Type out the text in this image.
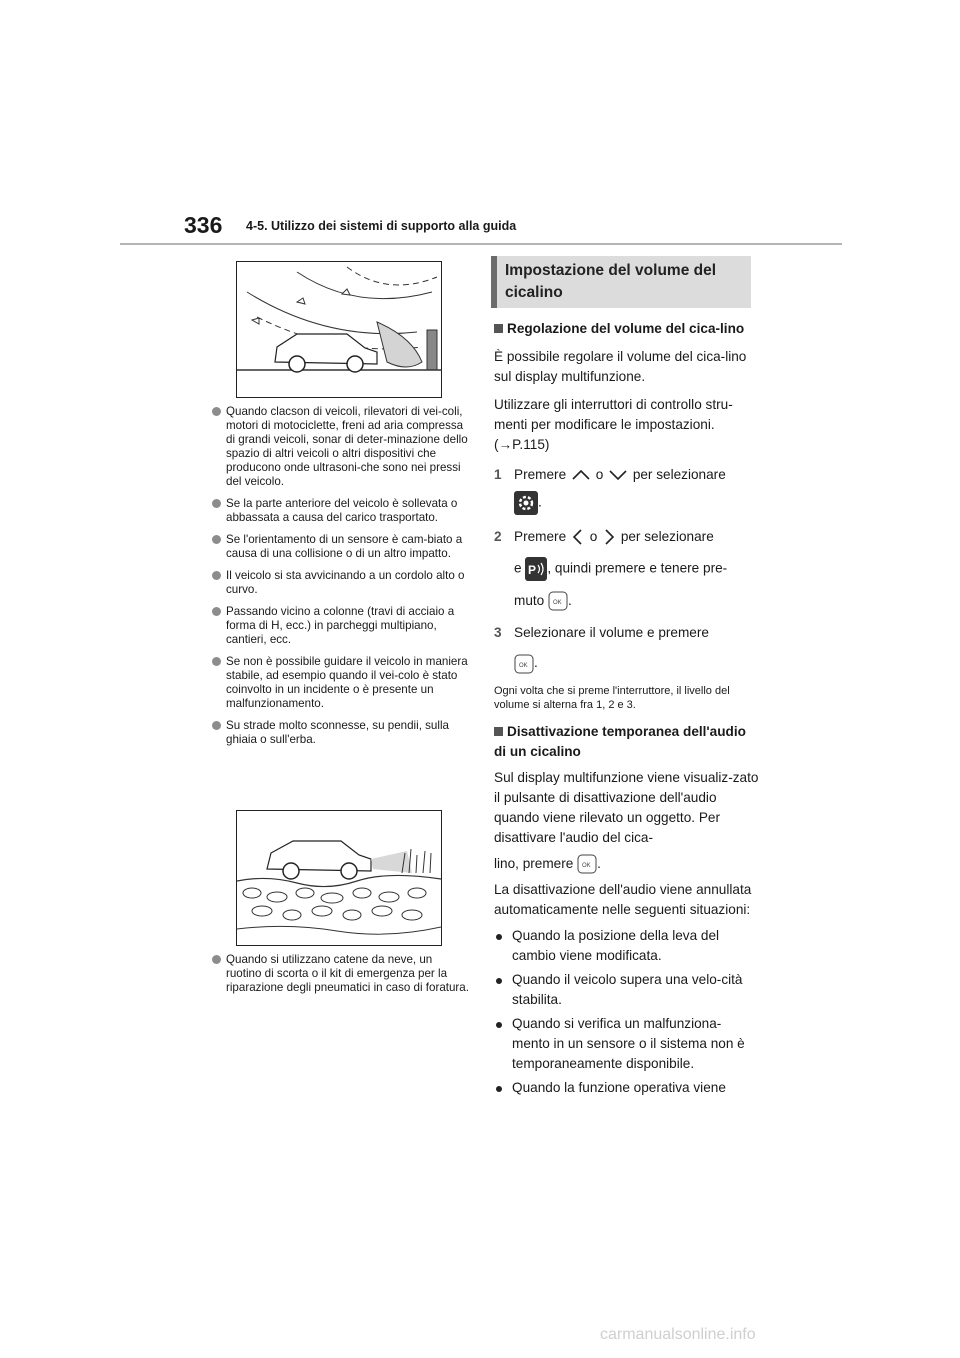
336 4-5. Utilizzo dei sistemi di supporto alla guida
Quando clacson di veicoli, rilevatori di vei-coli, motori di motociclette, freni ad aria compressa di grandi veicoli, sonar di deter-minazione dello spazio di altri veicoli o altri dispositivi che producono onde ultrasoni-che sono nei pressi del veicolo.
Se la parte anteriore del veicolo è sollevata o abbassata a causa del carico trasportato.
Se l'orientamento di un sensore è cam-biato a causa di una collisione o di un altro impatto.
Il veicolo si sta avvicinando a un cordolo alto o curvo.
Passando vicino a colonne (travi di acciaio a forma di H, ecc.) in parcheggi multipiano, cantieri, ecc.
Se non è possibile guidare il veicolo in maniera stabile, ad esempio quando il vei-colo è stato coinvolto in un incidente o è presente un malfunzionamento.
Su strade molto sconnesse, su pendii, sulla ghiaia o sull'erba.
Quando si utilizzano catene da neve, un ruotino di scorta o il kit di emergenza per la riparazione degli pneumatici in caso di foratura.
Impostazione del volume del cicalino
Regolazione del volume del cica-lino

È possibile regolare il volume del cica-lino sul display multifunzione.

Utilizzare gli interruttori di controllo stru-menti per modificare le impostazioni. (→P.115)

1 Premere o per selezionare
.
2 Premere o per selezionare
e P , quindi premere e tenere pre-
muto OK .
3 Selezionare il volume e premere
OK .

Ogni volta che si preme l'interruttore, il livello del volume si alterna fra 1, 2 e 3.

Disattivazione temporanea dell'audio di un cicalino

Sul display multifunzione viene visualiz-zato il pulsante di disattivazione dell'audio quando viene rilevato un oggetto. Per disattivare l'audio del cica-

lino, premere OK .

La disattivazione dell'audio viene annullata automaticamente nelle seguenti situazioni:

Quando la posizione della leva del cambio viene modificata.
Quando il veicolo supera una velo-cità stabilita.
Quando si verifica un malfunziona-mento in un sensore o il sistema non è temporaneamente disponibile.
Quando la funzione operativa viene
carmanualsonline.info
